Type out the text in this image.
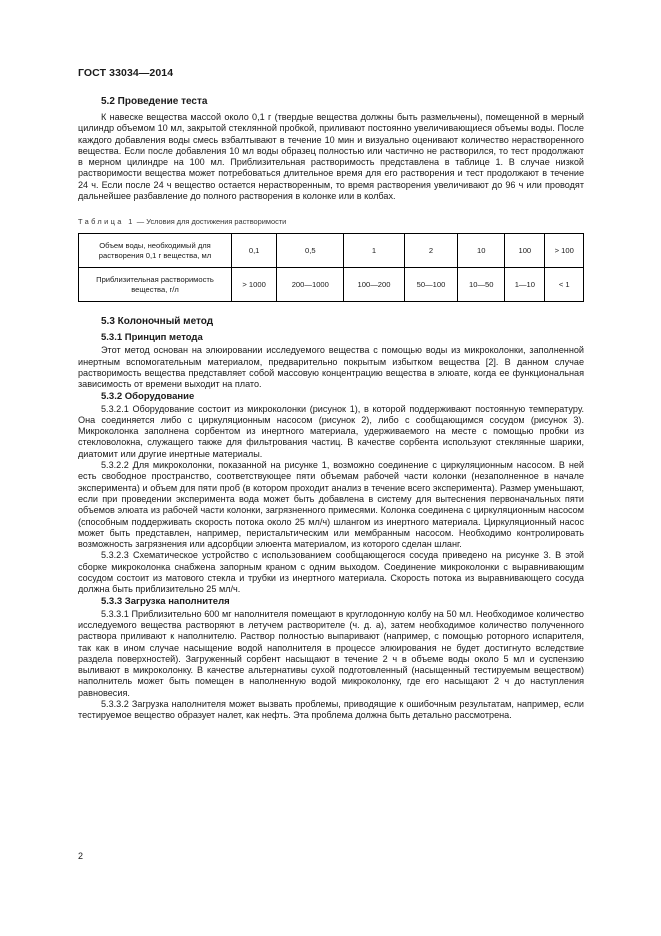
ГОСТ 33034—2014
5.2 Проведение теста

К навеске вещества массой около 0,1 г (твердые вещества должны быть размельчены), помещенной в мерный цилиндр объемом 10 мл, закрытой стеклянной пробкой, приливают постоянно увеличивающиеся объемы воды. После каждого добавления воды смесь взбалтывают в течение 10 мин и визуально оценивают количество нерастворенного вещества. Если после добавления 10 мл воды образец полностью или частично не растворился, то тест продолжают в мерном цилиндре на 100 мл. Приблизительная растворимость представлена в таблице 1. В случае низкой растворимости вещества может потребоваться длительное время для его растворения и тест продолжают в течение 24 ч. Если после 24 ч вещество остается нерастворенным, то время растворения увеличивают до 96 ч или проводят дальнейшее разбавление до полного растворения в колонке или в колбах.

Таблица 1 — Условия для достижения растворимости
Объем воды, необходимый для растворения 0,1 г вещества, мл	0,1	0,5	1	2	10	100	> 100
Приблизительная растворимость вещества, г/л	> 1000	200—1000	100—200	50—100	10—50	1—10	< 1
5.3 Колоночный метод
5.3.1 Принцип метода

Этот метод основан на элюировании исследуемого вещества с помощью воды из микроколонки, заполненной инертным вспомогательным материалом, предварительно покрытым избытком вещества [2]. В данном случае растворимость вещества представляет собой массовую концентрацию вещества в элюате, когда ее функциональная зависимость от времени выходит на плато.

5.3.2 Оборудование

5.3.2.1 Оборудование состоит из микроколонки (рисунок 1), в которой поддерживают постоянную температуру. Она соединяется либо с циркуляционным насосом (рисунок 2), либо с сообщающимся сосудом (рисунок 3). Микроколонка заполнена сорбентом из инертного материала, удерживаемого на месте с помощью пробки из стекловолокна, служащего также для фильтрования частиц. В качестве сорбента используют стеклянные шарики, диатомит или другие инертные материалы.

5.3.2.2 Для микроколонки, показанной на рисунке 1, возможно соединение с циркуляционным насосом. В ней есть свободное пространство, соответствующее пяти объемам рабочей части колонки (незаполненное в начале эксперимента) и объем для пяти проб (в котором проходит анализ в течение всего эксперимента). Размер уменьшают, если при проведении эксперимента вода может быть добавлена в систему для вытеснения первоначальных пяти объемов элюата из рабочей части колонки, загрязненного примесями. Колонка соединена с циркуляционным насосом (способным поддерживать скорость потока около 25 мл/ч) шлангом из инертного материала. Циркуляционный насос может быть представлен, например, перистальтическим или мембранным насосом. Необходимо контролировать возможность загрязнения или адсорбции элюента материалом, из которого сделан шланг.

5.3.2.3 Схематическое устройство с использованием сообщающегося сосуда приведено на рисунке 3. В этой сборке микроколонка снабжена запорным краном с одним выходом. Соединение микроколонки с выравнивающим сосудом состоит из матового стекла и трубки из инертного материала. Скорость потока из выравнивающего сосуда должна быть приблизительно 25 мл/ч.

5.3.3 Загрузка наполнителя

5.3.3.1 Приблизительно 600 мг наполнителя помещают в круглодонную колбу на 50 мл. Необходимое количество исследуемого вещества растворяют в летучем растворителе (ч. д. а), затем необходимое количество полученного раствора приливают к наполнителю. Раствор полностью выпаривают (например, с помощью роторного испарителя, так как в ином случае насыщение водой наполнителя в процессе элюирования не будет достигнуто вследствие раздела поверхностей). Загруженный сорбент насыщают в течение 2 ч в объеме воды около 5 мл и суспензию выливают в микроколонку. В качестве альтернативы сухой подготовленный (насыщенный тестируемым веществом) наполнитель может быть помещен в наполненную водой микроколонку, где его насыщают 2 ч до наступления равновесия.

5.3.3.2 Загрузка наполнителя может вызвать проблемы, приводящие к ошибочным результатам, например, если тестируемое вещество образует налет, как нефть. Эта проблема должна быть детально рассмотрена.

2
